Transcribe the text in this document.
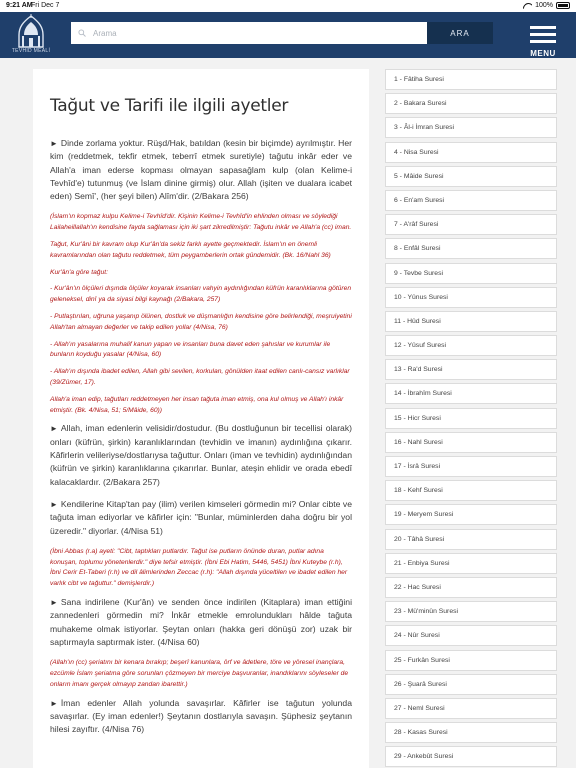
9:21 AM
Fri Dec 7	100%
TEVHİD MEALİ
Arama
ARA
MENU
Tağut ve Tarifi ile ilgili ayetler

► Dinde zorlama yoktur. Rüşd/Hak, batıldan (kesin bir biçimde) ayrılmıştır. Her kim (reddetmek, tekfir etmek, teberrî etmek suretiyle) tağutu inkâr eder ve Allah'a iman ederse kopması olmayan sapasağlam kulp (olan Kelime-i Tevhîd'e) tutunmuş (ve İslam dinine girmiş) olur. Allah (işiten ve dualara icabet eden) Semî', (her şeyi bilen) Alîm'dir. (2/Bakara 256)

(İslam'ın kopmaz kulpu Kelime-i Tevhîd'dir. Kişinin Kelime-i Tevhîd'in ehlinden olması ve söylediği Lailaheillallah'ın kendisine fayda sağlaması için iki şart zikredilmiştir: Tağutu inkâr ve Allah'a (cc) iman.

Tağut, Kur'âni bir kavram olup Kur'ân'da sekiz farklı ayette geçmektedir. İslam'ın en önemli kavramlarından olan tağutu reddetmek, tüm peygamberlerin ortak gündemidir. (Bk. 16/Nahl 36)

Kur'ân'a göre tağut:

- Kur'ân'ın ölçüleri dışında ölçüler koyarak insanları vahyin aydınlığından küfrün karanlıklarına götüren geleneksel, dinî ya da siyasi bilgi kaynağı (2/Bakara, 257)

- Putlaştırılan, uğruna yaşanıp ölünen, dostluk ve düşmanlığın kendisine göre belirlendiği, meşruiyetini Allah'tan almayan değerler ve takip edilen yollar (4/Nisa, 76)

- Allah'ın yasalarına muhalif kanun yapan ve insanları buna davet eden şahıslar ve kurumlar ile bunların koyduğu yasalar (4/Nisa, 60)

- Allah'ın dışında ibadet edilen, Allah gibi sevilen, korkulan, gönülden itaat edilen canlı-cansız varlıklar (39/Zümer, 17).

Allah'a iman edip, tağutları reddetmeyen her insan tağuta iman etmiş, ona kul olmuş ve Allah'ı inkâr etmiştir. (Bk. 4/Nisa, 51; 5/Mâide, 60))

► Allah, iman edenlerin velisidir/dostudur. (Bu dostluğunun bir tecellisi olarak) onları (küfrün, şirkin) karanlıklarından (tevhidin ve imanın) aydınlığına çıkarır. Kâfirlerin velileriyse/dostlarıysa tağuttur. Onları (iman ve tevhidin) aydınlığından (küfrün ve şirkin) karanlıklarına çıkarırlar. Bunlar, ateşin ehlidir ve orada ebedî kalacaklardır. (2/Bakara 257)

► Kendilerine Kitap'tan pay (ilim) verilen kimseleri görmedin mi? Onlar cibte ve tağuta iman ediyorlar ve kâfirler için: "Bunlar, müminlerden daha doğru bir yol üzeredir." diyorlar. (4/Nisa 51)

(İbni Abbas (r.a) ayeti: "Cibt, taptıkları putlardır. Tağut ise putların önünde duran, putlar adına konuşan, toplumu yönetenlerdir." diye tefsir etmiştir. (İbni Ebi Hatim, 5446, 5451) İbni Kuteybe (r.h), İbni Cerir Et-Taberi (r.h) ve dil âlimlerinden Zeccac (r.h): "Allah dışında yüceltilen ve ibadet edilen her varlık cibt ve tağuttur." demişlerdir.)

► Sana indirilene (Kur'ân) ve senden önce indirilen (Kitaplara) iman ettiğini zannedenleri görmedin mi? İnkâr etmekle emrolundukları hâlde tağuta muhakeme olmak istiyorlar. Şeytan onları (hakka geri dönüşü zor) uzak bir saptırmayla saptırmak ister. (4/Nisa 60)

(Allah'ın (cc) şeriatını bir kenara bırakıp; beşerî kanunlara, örf ve âdetlere, töre ve yöresel inançlara, ezcümle İslam şeriatına göre sorunları çözmeyen bir merciye başvuranlar, inandıklarını söyleseler de onların imanı gerçek olmayıp zandan ibarettir.)

► İman edenler Allah yolunda savaşırlar. Kâfirler ise tağutun yolunda savaşırlar. (Ey iman edenler!) Şeytanın dostlarıyla savaşın. Şüphesiz şeytanın hilesi zayıftır. (4/Nisa 76)

1 - Fâtiha Suresi
2 - Bakara Suresi
3 - Âl-i İmran Suresi
4 - Nisa Suresi
5 - Mâide Suresi
6 - En'am Suresi
7 - A'râf Suresi
8 - Enfâl Suresi
9 - Tevbe Suresi
10 - Yûnus Suresi
11 - Hûd Suresi
12 - Yûsuf Suresi
13 - Ra'd Suresi
14 - İbrahîm Suresi
15 - Hicr Suresi
16 - Nahl Suresi
17 - İsrâ Suresi
18 - Kehf Suresi
19 - Meryem Suresi
20 - Tâhâ Suresi
21 - Enbiya Suresi
22 - Hac Suresi
23 - Mü'minûn Suresi
24 - Nûr Suresi
25 - Furkân Suresi
26 - Şuarâ Suresi
27 - Neml Suresi
28 - Kasas Suresi
29 - Ankebût Suresi
